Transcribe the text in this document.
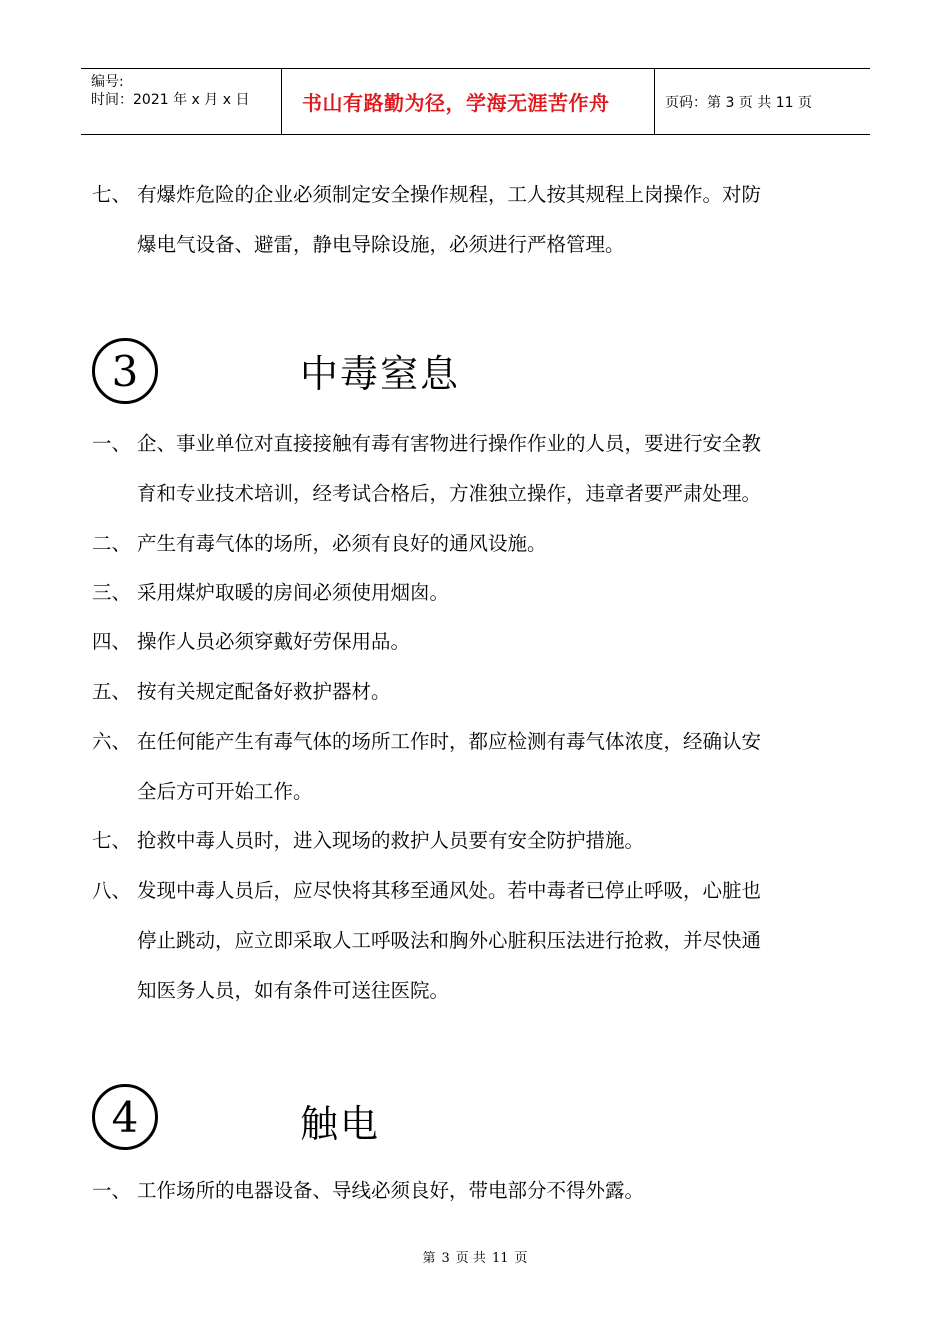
编号:
时间：2021 年 x 月 x 日	书山有路勤为径，学海无涯苦作舟	页码：第 3 页 共 11 页
七、 有爆炸危险的企业必须制定安全操作规程，工人按其规程上岗操作。对防
爆电气设备、避雷，静电导除设施，必须进行严格管理。
3	中毒窒息
一、 企、事业单位对直接接触有毒有害物进行操作作业的人员，要进行安全教
育和专业技术培训，经考试合格后，方准独立操作，违章者要严肃处理。
二、 产生有毒气体的场所，必须有良好的通风设施。
三、 采用煤炉取暖的房间必须使用烟囱。
四、 操作人员必须穿戴好劳保用品。
五、 按有关规定配备好救护器材。
六、 在任何能产生有毒气体的场所工作时，都应检测有毒气体浓度，经确认安
全后方可开始工作。
七、 抢救中毒人员时，进入现场的救护人员要有安全防护措施。
八、 发现中毒人员后，应尽快将其移至通风处。若中毒者已停止呼吸，心脏也
停止跳动，应立即采取人工呼吸法和胸外心脏积压法进行抢救，并尽快通
知医务人员，如有条件可送往医院。
4	触电
一、 工作场所的电器设备、导线必须良好，带电部分不得外露。
第 3 页 共 11 页
